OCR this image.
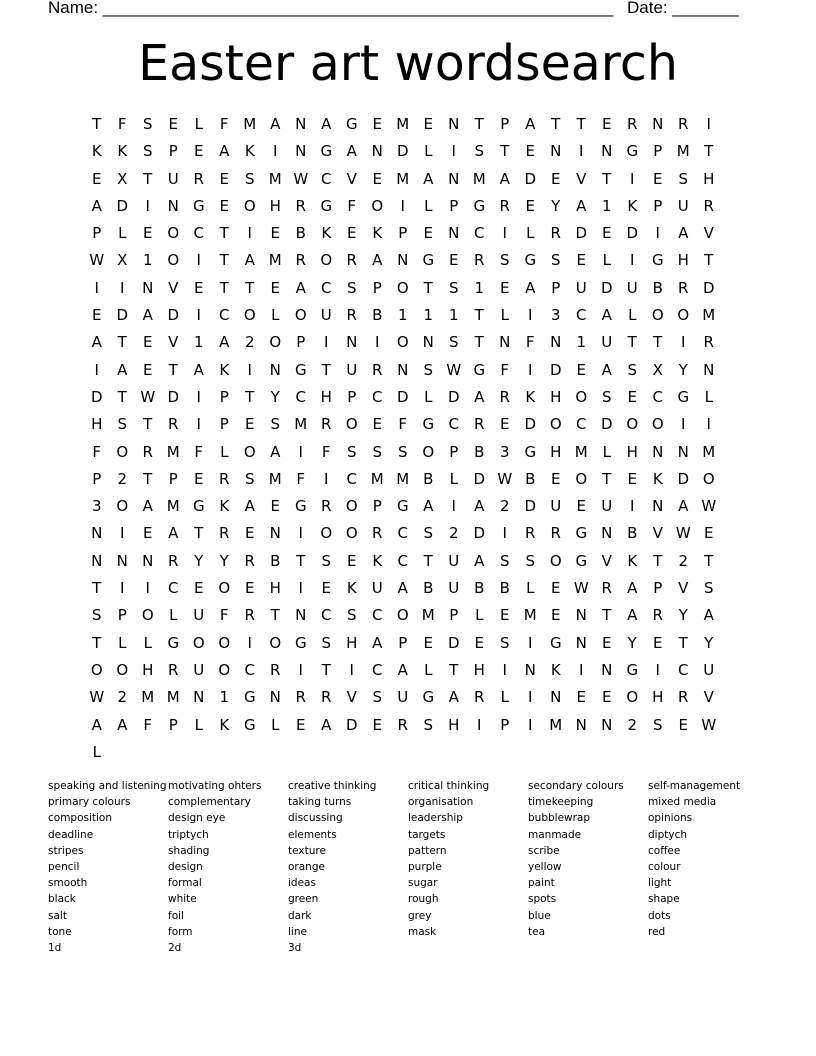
Name: ______________________________________________________ Date: _______
Easter art wordsearch
T	F	S	E	L	F M A N A G E M E	N	T	P	A	T	T	E	R N R	I
K	K	S	P	E	A	K	I	N G A N D	L	I	S	T	E	N	I	N G	P M T
E	X	T	U R	E	S M W C	V	E M A N M A D E	V	T	I	E	S	H
A D	I	N G E O H R G	F	O	I	L	P	G R	E	Y	A	1	K	P	U R
P	L	E O C	T	I	E	B	K	E	K	P	E	N C	I	L	R D E D	I	A	V
W X	1 O	I	T	A M R O R	A N G E	R	S G S	E	L	I	G H	T
I	I	N V	E	T	T	E	A	C	S	P	O	T	S	1	E	A	P	U D U B	R D
E D A D	I	C O	L	O U R	B	1	1	1	T	L	I	3	C	A	L	O O M
A	T	E	V	1	A	2 O	P	I	N	I	O N	S	T	N	F	N	1	U	T	T	I	R
I	A	E	T	A	K	I	N G	T	U R N	S W G	F	I	D E	A	S	X	Y	N
D	T W D	I	P	T	Y	C H	P	C D	L	D A	R	K H O S	E	C G	L
H	S	T	R	I	P	E	S M R O E	F	G C	R	E D O C D O O	I	I
F	O R M F	L	O A	I	F	S	S	S O	P	B	3 G H M L	H N N M
P	2	T	P	E	R	S M F	I	C M M B	L	D W B	E O	T	E	K D O
3 O A M G K	A	E G R O	P	G A	I	A	2 D U	E	U	I	N A W
N	I	E	A	T	R	E	N	I	O O R	C	S	2 D	I	R	R G N B	V W E
N N N R	Y	Y	R	B	T	S	E	K	C	T	U A	S	S O G V	K	T	2	T
T	I	I	C	E O E	H	I	E	K	U A	B U B	B	L	E W R	A	P	V	S
S	P	O	L	U	F	R	T	N C	S	C O M P	L	E M E	N	T	A	R	Y	A
T	L	L	G O O	I	O G S	H A	P	E D E	S	I	G N	E	Y	E	T	Y
O O H R U O C	R	I	T	I	C	A	L	T	H	I	N K	I	N G	I	C U
W 2 M M N	1 G N R	R	V	S	U G A	R	L	I	N	E	E O H R	V
A	A	F	P	L	K G	L	E	A D E	R	S	H	I	P	I	M N N	2	S	E W
L
speaking and listening motivating ohters	creative thinking	critical thinking	secondary colours	self-management
primary colours	complementary	taking turns	organisation	timekeeping	mixed media
composition	design eye	discussing	leadership	bubblewrap	opinions
deadline	triptych	elements	targets	manmade	diptych
stripes	shading	texture	pattern	scribe	coffee
pencil	design	orange	purple	yellow	colour
smooth	formal	ideas	sugar	paint	light
black	white	green	rough	spots	shape
salt	foil	dark	grey	blue	dots
tone	form	line	mask	tea	red
1d	2d	3d
